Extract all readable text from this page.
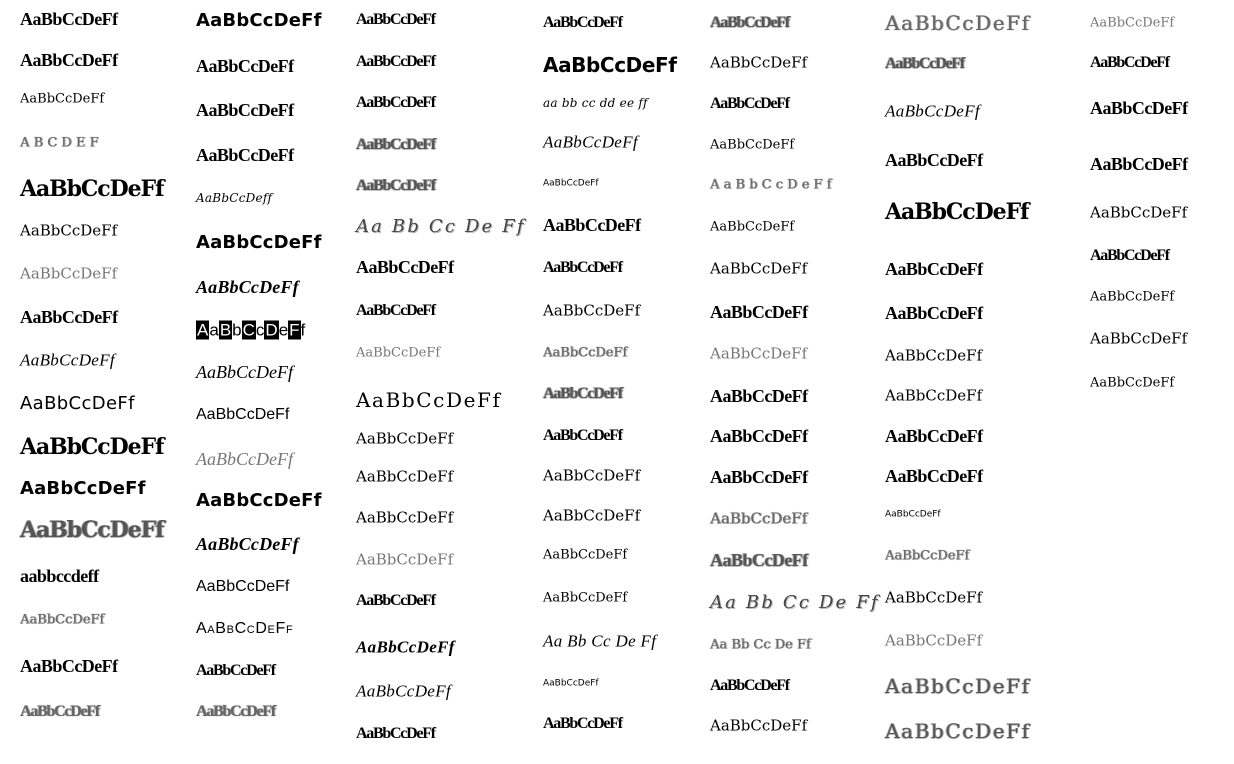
AaBbCcDeFf
AaBbCcDeFf
AaBbCcDeFf
A B C D E F
AaBbCcDeFf
AaBbCcDeFf
AaBbCcDeFf
AaBbCcDeFf
AaBbCcDeFf
AaBbCcDeFf
AaBbCcDeFf
AaBbCcDeFf
AaBbCcDeFf
aabbccdeff
AaBbCcDeFf
AaBbCcDeFf
AaBbCcDeFf
AaBbCcDeFf
AaBbCcDeFf
AaBbCcDeFf
AaBbCcDeFf
AaBbCcDeff
AaBbCcDeFf
AaBbCcDeFf
AaBbCcDeFf
AaBbCcDeFf
AaBbCcDeFf
AaBbCcDeFf
AaBbCcDeFf
AaBbCcDeFf
AaBbCcDeFf
AaBbCcDeFf
AaBbCcDeFf
AaBbCcDeFf
AaBbCcDeFf
AaBbCcDeFf
AaBbCcDeFf
AaBbCcDeFf
AaBbCcDeFf
Aa Bb Cc De Ff
AaBbCcDeFf
AaBbCcDeFf
AaBbCcDeFf
AaBbCcDeFf
AaBbCcDeFf
AaBbCcDeFf
AaBbCcDeFf
AaBbCcDeFf
AaBbCcDeFf
AaBbCcDeFf
AaBbCcDeFf
AaBbCcDeFf
AaBbCcDeFf
AaBbCcDeFf
aa bb cc dd ee ff
AaBbCcDeFf
AaBbCcDeFf
AaBbCcDeFf
AaBbCcDeFf
AaBbCcDeFf
AaBbCcDeFf
AaBbCcDeFf
AaBbCcDeFf
AaBbCcDeFf
AaBbCcDeFf
AaBbCcDeFf
AaBbCcDeFf
Aa Bb Cc De Ff
AaBbCcDeFf
AaBbCcDeFf
AaBbCcDeFf
AaBbCcDeFf
AaBbCcDeFf
AaBbCcDeFf
A a B b C c D e F f
AaBbCcDeFf
AaBbCcDeFf
AaBbCcDeFf
AaBbCcDeFf
AaBbCcDeFf
AaBbCcDeFf
AaBbCcDeFf
AaBbCcDeFf
AaBbCcDeFf
Aa Bb Cc De Ff
Aa Bb Cc De Ff
AaBbCcDeFf
AaBbCcDeFf
AaBbCcDeFf
AaBbCcDeFf
AaBbCcDeFf
AaBbCcDeFf
AaBbCcDeFf
AaBbCcDeFf
AaBbCcDeFf
AaBbCcDeFf
AaBbCcDeFf
AaBbCcDeFf
AaBbCcDeFf
AaBbCcDeFf
AaBbCcDeFf
AaBbCcDeFf
AaBbCcDeFf
AaBbCcDeFf
AaBbCcDeFf
AaBbCcDeFf
AaBbCcDeFf
AaBbCcDeFf
AaBbCcDeFf
AaBbCcDeFf
AaBbCcDeFf
AaBbCcDeFf
AaBbCcDeFf
AaBbCcDeFf
